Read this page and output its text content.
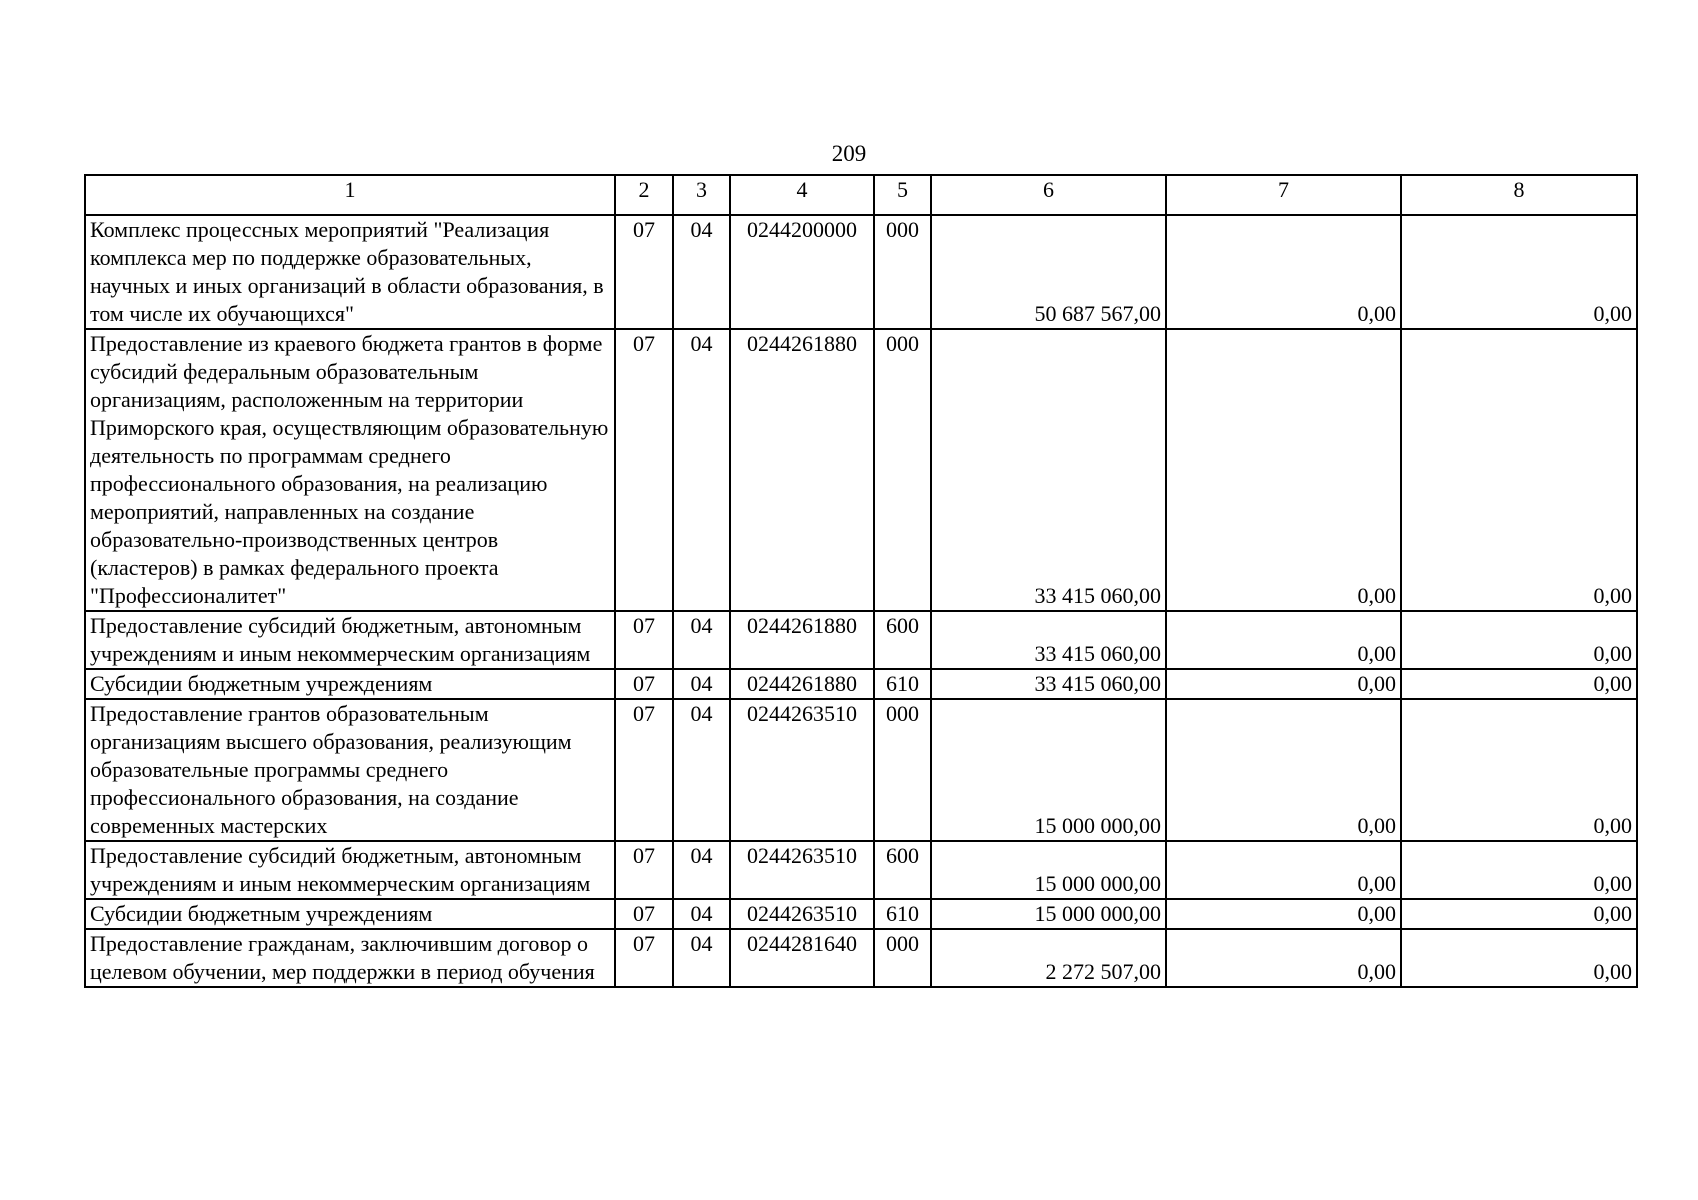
209
1	2	3	4	5	6	7	8
Комплекс процессных мероприятий "Реализация комплекса мер по поддержке образовательных, научных и иных организаций в области образования, в том числе их обучающихся"	07	04	0244200000	000	50 687 567,00	0,00	0,00
Предоставление из краевого бюджета грантов в форме субсидий федеральным образовательным организациям, расположенным на территории Приморского края, осуществляющим образовательную деятельность по программам среднего профессионального образования, на реализацию мероприятий, направленных на создание образовательно-производственных центров (кластеров) в рамках федерального проекта "Профессионалитет"	07	04	0244261880	000	33 415 060,00	0,00	0,00
Предоставление субсидий бюджетным, автономным учреждениям и иным некоммерческим организациям	07	04	0244261880	600	33 415 060,00	0,00	0,00
Субсидии бюджетным учреждениям	07	04	0244261880	610	33 415 060,00	0,00	0,00
Предоставление грантов образовательным организациям высшего образования, реализующим образовательные программы среднего профессионального образования, на создание современных мастерских	07	04	0244263510	000	15 000 000,00	0,00	0,00
Предоставление субсидий бюджетным, автономным учреждениям и иным некоммерческим организациям	07	04	0244263510	600	15 000 000,00	0,00	0,00
Субсидии бюджетным учреждениям	07	04	0244263510	610	15 000 000,00	0,00	0,00
Предоставление гражданам, заключившим договор о целевом обучении, мер поддержки в период обучения	07	04	0244281640	000	2 272 507,00	0,00	0,00
